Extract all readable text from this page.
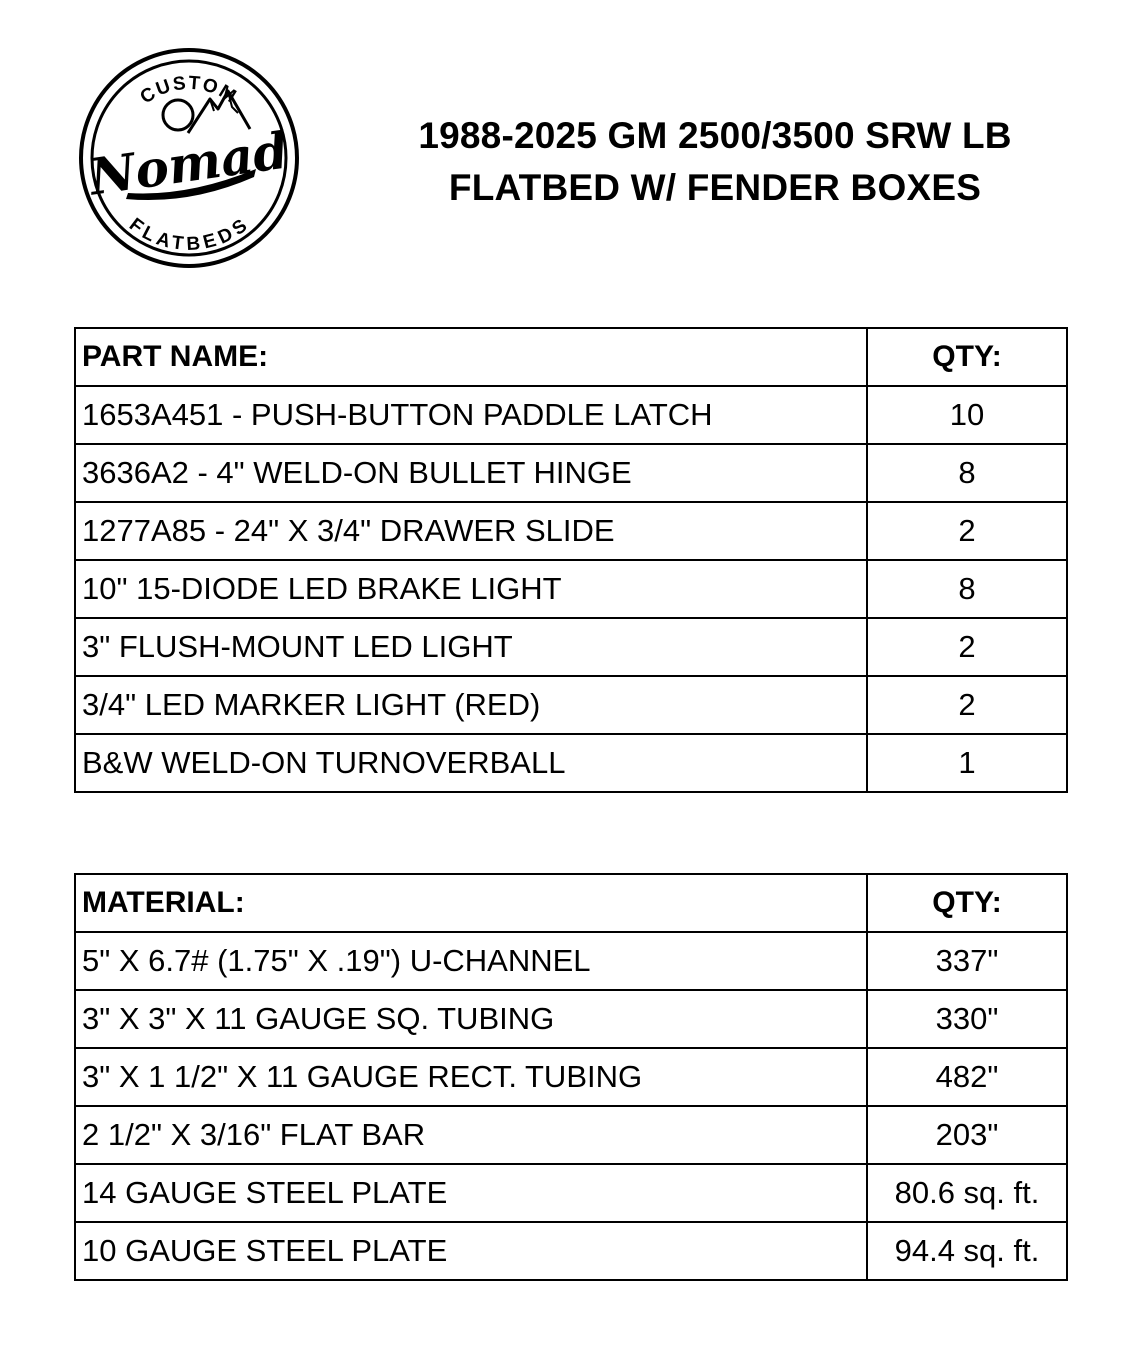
CUSTOM
FLATBEDS
Nomad	1988-2025 GM 2500/3500 SRW LB
FLATBED W/ FENDER BOXES
PART NAME:	QTY:
1653A451 - PUSH-BUTTON PADDLE LATCH	10
3636A2 - 4" WELD-ON BULLET HINGE	8
1277A85 - 24" X 3/4" DRAWER SLIDE	2
10" 15-DIODE LED BRAKE LIGHT	8
3" FLUSH-MOUNT LED LIGHT	2
3/4" LED MARKER LIGHT (RED)	2
B&W WELD-ON TURNOVERBALL	1
MATERIAL:	QTY:
5" X 6.7# (1.75" X .19") U-CHANNEL	337"
3" X 3" X 11 GAUGE SQ. TUBING	330"
3" X 1 1/2" X 11 GAUGE RECT. TUBING	482"
2 1/2" X 3/16" FLAT BAR	203"
14 GAUGE STEEL PLATE	80.6 sq. ft.
10 GAUGE STEEL PLATE	94.4 sq. ft.
